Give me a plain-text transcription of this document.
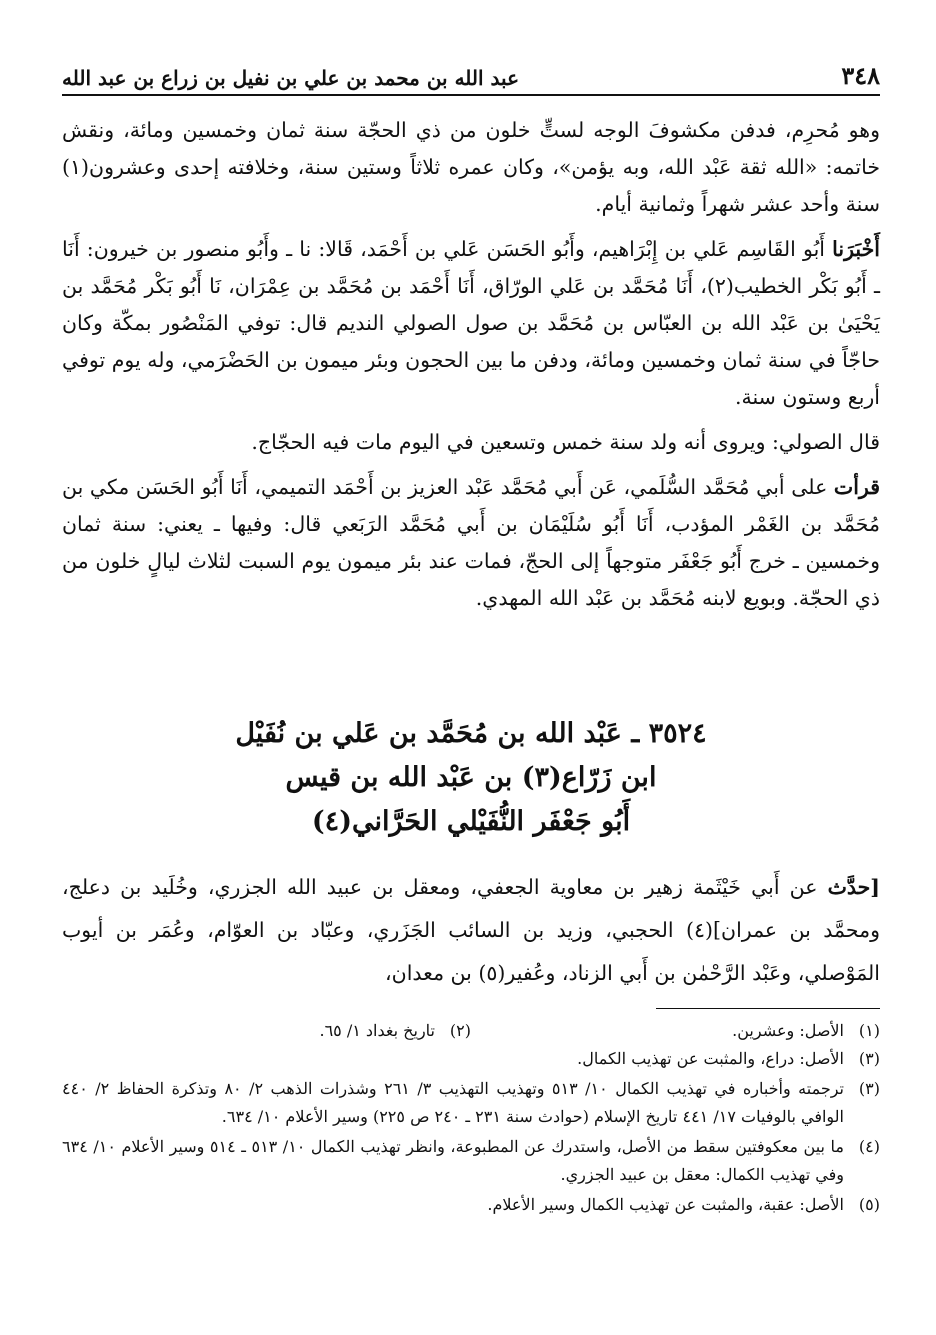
٣٤٨
عبد الله بن محمد بن علي بن نفيل بن زراع بن عبد الله

وهو مُحرِم، فدفن مكشوفَ الوجه لستٍّ خلون من ذي الحجّة سنة ثمان وخمسين ومائة، ونقش خاتمه: «الله ثقة عَبْد الله، وبه يؤمن»، وكان عمره ثلاثاً وستين سنة، وخلافته إحدى وعشرون(١) سنة وأحد عشر شهراً وثمانية أيام.

أَخْبَرَنا أَبُو القَاسِم عَلي بن إِبْرَاهيم، وأَبُو الحَسَن عَلي بن أَحْمَد، قَالا: نا ـ وأَبُو منصور بن خيرون: أَنَا ـ أَبُو بَكْر الخطيب(٢)، أَنَا مُحَمَّد بن عَلي الورّاق، أَنَا أَحْمَد بن مُحَمَّد بن عِمْرَان، نَا أَبُو بَكْر مُحَمَّد بن يَحْيَىٰ بن عَبْد الله بن العبّاس بن مُحَمَّد بن صول الصولي النديم قال: توفي المَنْصُور بمكّة وكان حاجّاً في سنة ثمان وخمسين ومائة، ودفن ما بين الحجون وبئر ميمون بن الحَضْرَمي، وله يوم توفي أربع وستون سنة.

قال الصولي: ويروى أنه ولد سنة خمس وتسعين في اليوم مات فيه الحجّاج.

قرأت على أبي مُحَمَّد السُّلَمي، عَن أَبي مُحَمَّد عَبْد العزيز بن أَحْمَد التميمي، أَنَا أَبُو الحَسَن مكي بن مُحَمَّد بن الغَمْر المؤدب، أَنَا أَبُو سُلَيْمَان بن أَبي مُحَمَّد الرَبَعي قال: وفيها ـ يعني: سنة ثمان وخمسين ـ خرج أَبُو جَعْفَر متوجهاً إلى الحجّ، فمات عند بئر ميمون يوم السبت لثلاث ليالٍ خلون من ذي الحجّة. وبويع لابنه مُحَمَّد بن عَبْد الله المهدي.

٣٥٢٤ ـ عَبْد الله بن مُحَمَّد بن عَلي بن نُفَيْل
ابن زَرّاع(٣) بن عَبْد الله بن قيس
أَبُو جَعْفَر النُّفَيْلي الحَرَّاني(٤)

[حدَّث عن أَبي خَيْثَمة زهير بن معاوية الجعفي، ومعقل بن عبيد الله الجزري، وخُلَيد بن دعلج، ومحمَّد بن عمران](٤) الحجبي، وزيد بن السائب الجَزَري، وعبّاد بن العوّام، وعُمَر بن أيوب المَوْصلي، وعَبْد الرَّحْمٰن بن أَبي الزناد، وعُفير(٥) بن معدان،

(١)
الأصل: وعشرين.
(٢)
تاريخ بغداد ١/ ٦٥.
(٣)
الأصل: دراع، والمثبت عن تهذيب الكمال.
(٣)
ترجمته وأخباره في تهذيب الكمال ١٠/ ٥١٣ وتهذيب التهذيب ٣/ ٢٦١ وشذرات الذهب ٢/ ٨٠ وتذكرة الحفاظ ٢/ ٤٤٠ الوافي بالوفيات ١٧/ ٤٤١ تاريخ الإسلام (حوادث سنة ٢٣١ ـ ٢٤٠ ص ٢٢٥) وسير الأعلام ١٠/ ٦٣٤.
(٤)
ما بين معكوفتين سقط من الأصل، واستدرك عن المطبوعة، وانظر تهذيب الكمال ١٠/ ٥١٣ ـ ٥١٤ وسير الأعلام ١٠/ ٦٣٤ وفي تهذيب الكمال: معقل بن عبيد الجزري.
(٥)
الأصل: عقبة، والمثبت عن تهذيب الكمال وسير الأعلام.
